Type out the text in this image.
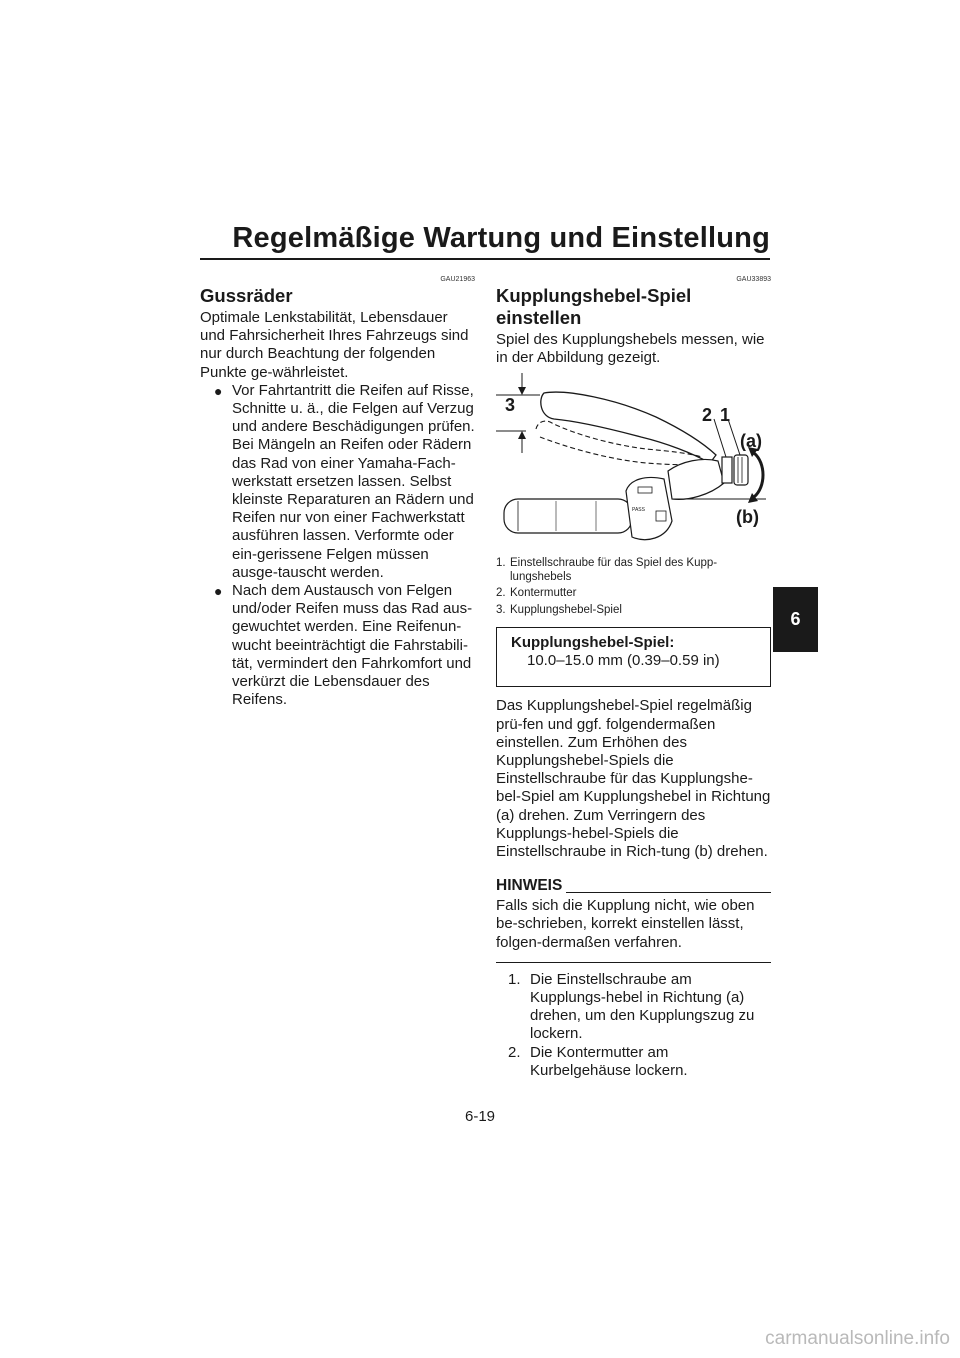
Regelmäßige Wartung und Einstellung
GAU21963
Gussräder
Optimale Lenkstabilität, Lebensdauer und Fahrsicherheit Ihres Fahrzeugs sind nur durch Beachtung der folgenden Punkte ge-währleistet.
● Vor Fahrtantritt die Reifen auf Risse, Schnitte u. ä., die Felgen auf Verzug und andere Beschädigungen prüfen. Bei Mängeln an Reifen oder Rädern das Rad von einer Yamaha-Fach-werkstatt ersetzen lassen. Selbst kleinste Reparaturen an Rädern und Reifen nur von einer Fachwerkstatt ausführen lassen. Verformte oder ein-gerissene Felgen müssen ausge-tauscht werden.
● Nach dem Austausch von Felgen und/oder Reifen muss das Rad aus-gewuchtet werden. Eine Reifenun-wucht beeinträchtigt die Fahrstabili-tät, vermindert den Fahrkomfort und verkürzt die Lebensdauer des Reifens.
GAU33893
Kupplungshebel-Spiel einstellen
Spiel des Kupplungshebels messen, wie in der Abbildung gezeigt.
3	2 1
(a)
(b)
PASS
1. Einstellschraube für das Spiel des Kupp-lungshebels
2. Kontermutter
3. Kupplungshebel-Spiel
Kupplungshebel-Spiel:
10.0–15.0 mm (0.39–0.59 in)
Das Kupplungshebel-Spiel regelmäßig prü-fen und ggf. folgendermaßen einstellen. Zum Erhöhen des Kupplungshebel-Spiels die Einstellschraube für das Kupplungshe-bel-Spiel am Kupplungshebel in Richtung (a) drehen. Zum Verringern des Kupplungs-hebel-Spiels die Einstellschraube in Rich-tung (b) drehen.
HINWEIS
Falls sich die Kupplung nicht, wie oben be-schrieben, korrekt einstellen lässt, folgen-dermaßen verfahren.
1. Die Einstellschraube am Kupplungs-hebel in Richtung (a) drehen, um den Kupplungszug zu lockern.
2. Die Kontermutter am Kurbelgehäuse lockern.
6
6-19
carmanualsonline.info
